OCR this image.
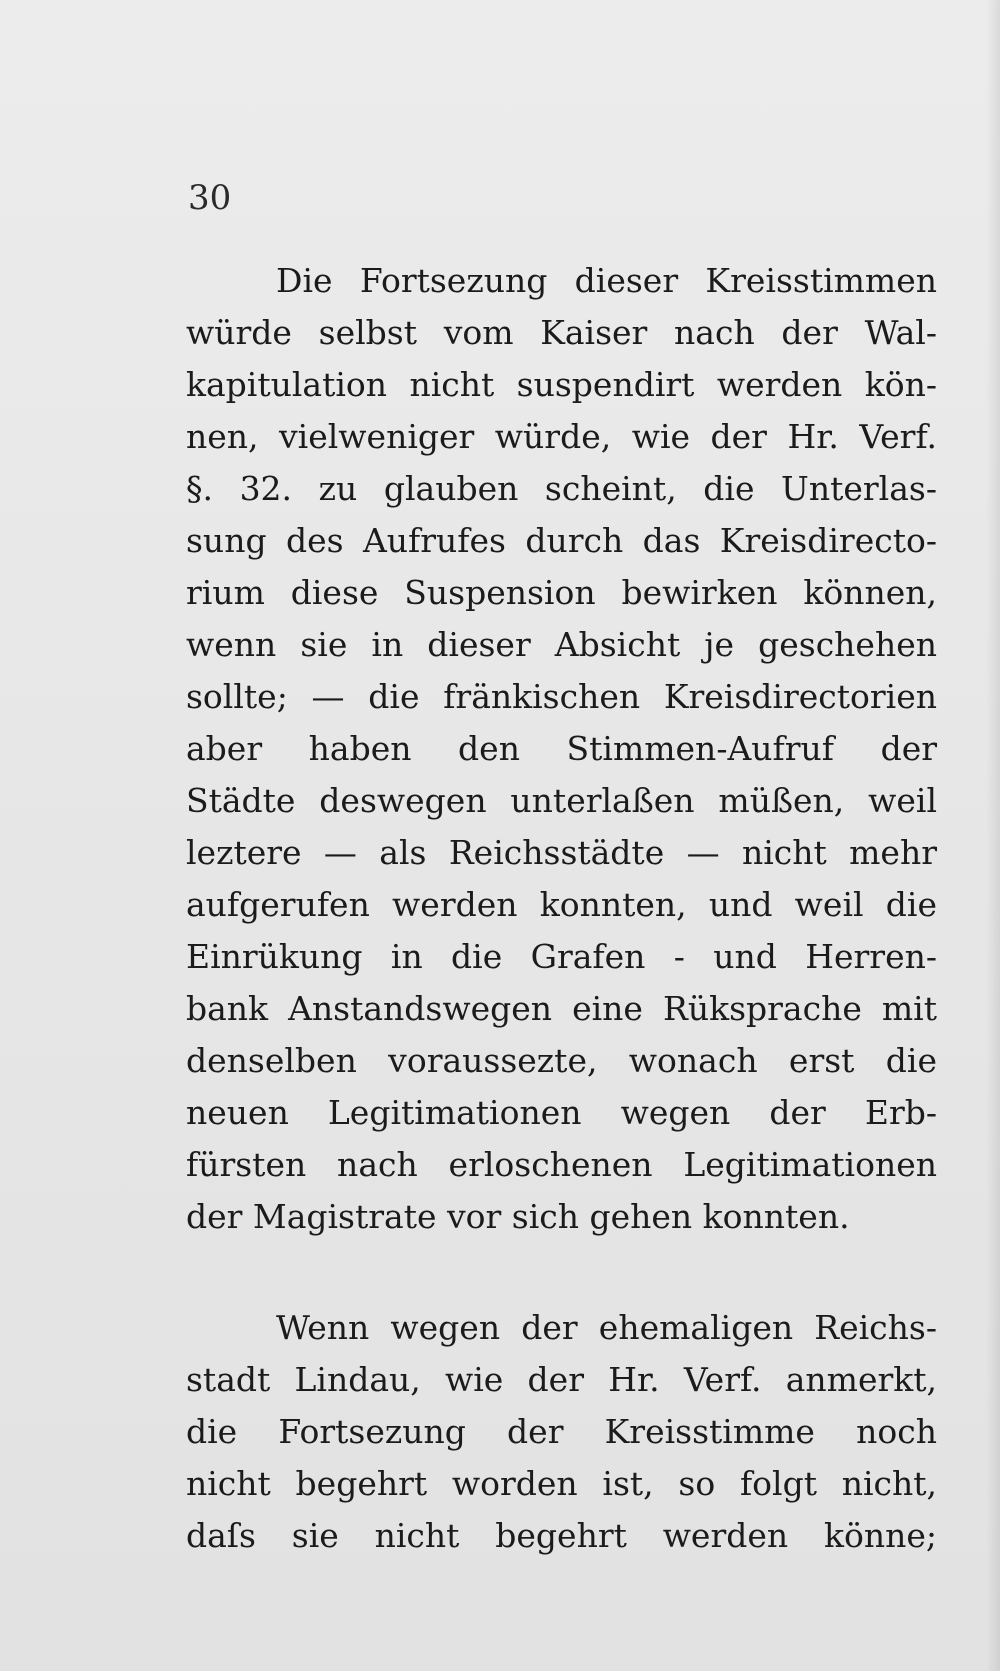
30
Die Fortsezung dieser Kreisstimmen
würde selbst vom Kaiser nach der Wal-
kapitulation nicht suspendirt werden kön-
nen, vielweniger würde, wie der Hr. Verf.
§. 32. zu glauben scheint, die Unterlas-
sung des Aufrufes durch das Kreisdirecto-
rium diese Suspension bewirken können,
wenn sie in dieser Absicht je geschehen
sollte; — die fränkischen Kreisdirectorien
aber haben den Stimmen-Aufruf der
Städte deswegen unterlaßen müßen, weil
leztere — als Reichsstädte — nicht mehr
aufgerufen werden konnten, und weil die
Einrükung in die Grafen - und Herren-
bank Anstandswegen eine Rüksprache mit
denselben voraussezte, wonach erst die
neuen Legitimationen wegen der Erb-
fürsten nach erloschenen Legitimationen
der Magistrate vor sich gehen konnten.
Wenn wegen der ehemaligen Reichs-
stadt Lindau, wie der Hr. Verf. anmerkt,
die Fortsezung der Kreisstimme noch
nicht begehrt worden ist, so folgt nicht,
daſs sie nicht begehrt werden könne;
